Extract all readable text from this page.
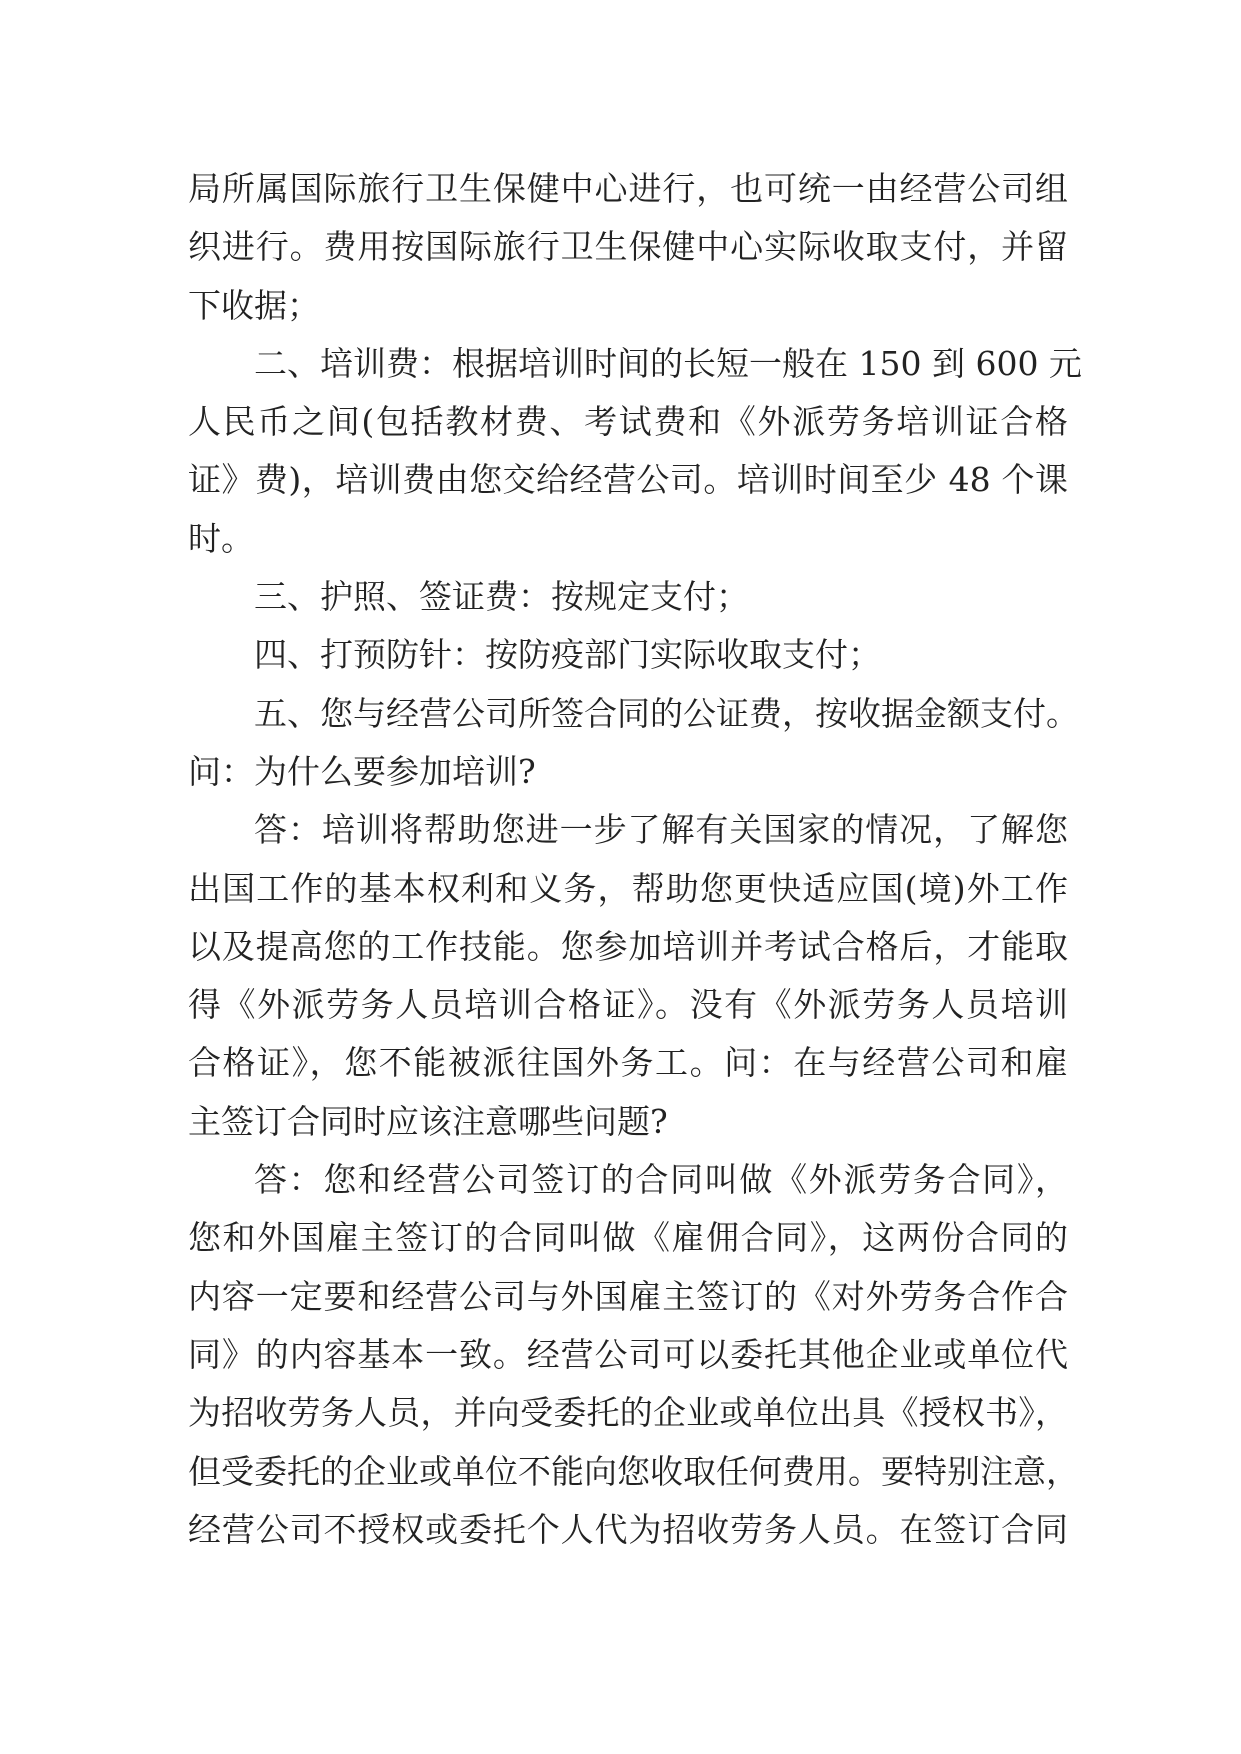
局所属国际旅行卫生保健中心进行，也可统一由经营公司组
织进行。费用按国际旅行卫生保健中心实际收取支付，并留
下收据；
二、培训费：根据培训时间的长短一般在 150 到 600 元
人民币之间(包括教材费、考试费和《外派劳务培训证合格
证》费)，培训费由您交给经营公司。培训时间至少 48 个课
时。
三、护照、签证费：按规定支付；
四、打预防针：按防疫部门实际收取支付；
五、您与经营公司所签合同的公证费，按收据金额支付。
问：为什么要参加培训?
答：培训将帮助您进一步了解有关国家的情况，了解您
出国工作的基本权利和义务，帮助您更快适应国(境)外工作
以及提高您的工作技能。您参加培训并考试合格后，才能取
得《外派劳务人员培训合格证》。没有《外派劳务人员培训
合格证》，您不能被派往国外务工。问：在与经营公司和雇
主签订合同时应该注意哪些问题?
答：您和经营公司签订的合同叫做《外派劳务合同》，
您和外国雇主签订的合同叫做《雇佣合同》，这两份合同的
内容一定要和经营公司与外国雇主签订的《对外劳务合作合
同》的内容基本一致。经营公司可以委托其他企业或单位代
为招收劳务人员，并向受委托的企业或单位出具《授权书》，
但受委托的企业或单位不能向您收取任何费用。要特别注意，
经营公司不授权或委托个人代为招收劳务人员。在签订合同
